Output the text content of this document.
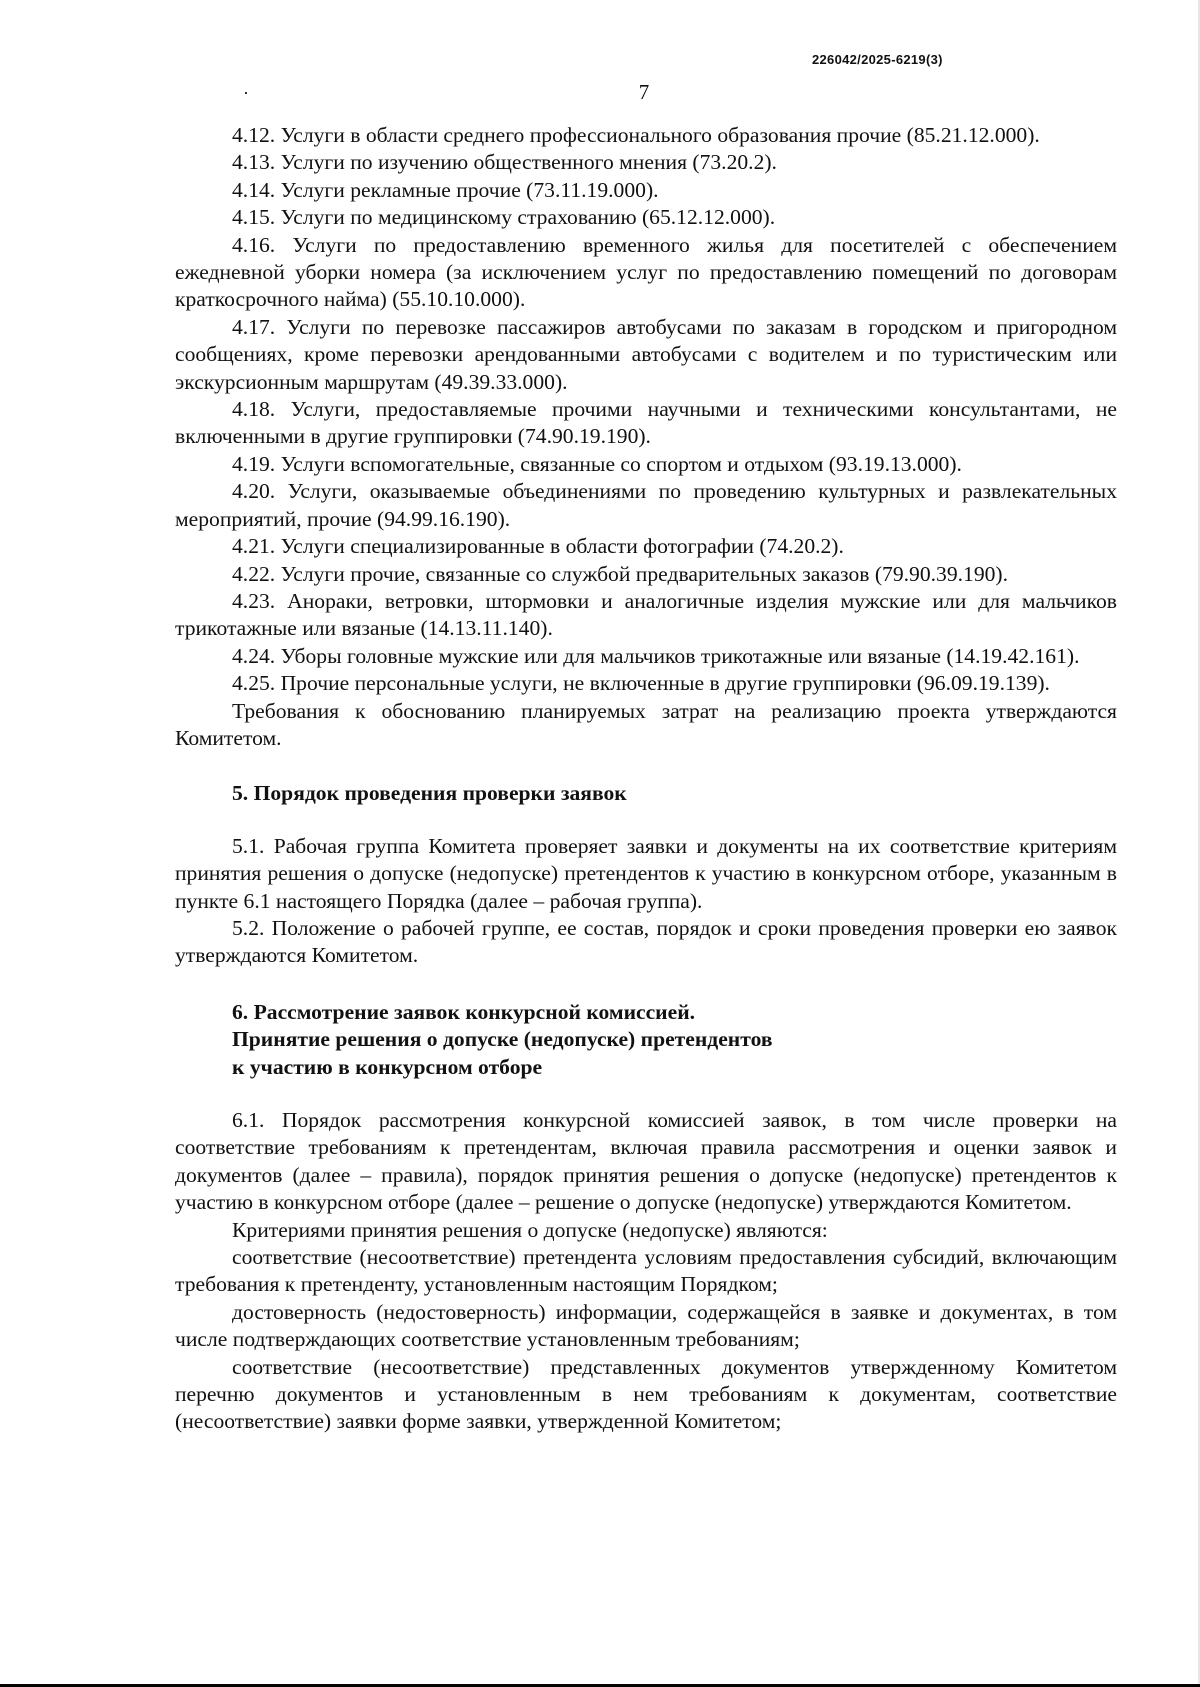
226042/2025-6219(3)
7

4.12. Услуги в области среднего профессионального образования прочие (85.21.12.000).

4.13. Услуги по изучению общественного мнения (73.20.2).

4.14. Услуги рекламные прочие (73.11.19.000).

4.15. Услуги по медицинскому страхованию (65.12.12.000).

4.16. Услуги по предоставлению временного жилья для посетителей с обеспечением ежедневной уборки номера (за исключением услуг по предоставлению помещений по договорам краткосрочного найма) (55.10.10.000).

4.17. Услуги по перевозке пассажиров автобусами по заказам в городском и пригородном сообщениях, кроме перевозки арендованными автобусами с водителем и по туристическим или экскурсионным маршрутам (49.39.33.000).

4.18. Услуги, предоставляемые прочими научными и техническими консультантами, не включенными в другие группировки (74.90.19.190).

4.19. Услуги вспомогательные, связанные со спортом и отдыхом (93.19.13.000).

4.20. Услуги, оказываемые объединениями по проведению культурных и развлекательных мероприятий, прочие (94.99.16.190).

4.21. Услуги специализированные в области фотографии (74.20.2).

4.22. Услуги прочие, связанные со службой предварительных заказов (79.90.39.190).

4.23. Анораки, ветровки, штормовки и аналогичные изделия мужские или для мальчиков трикотажные или вязаные (14.13.11.140).

4.24. Уборы головные мужские или для мальчиков трикотажные или вязаные (14.19.42.161).

4.25. Прочие персональные услуги, не включенные в другие группировки (96.09.19.139).

Требования к обоснованию планируемых затрат на реализацию проекта утверждаются Комитетом.

5. Порядок проведения проверки заявок

5.1. Рабочая группа Комитета проверяет заявки и документы на их соответствие критериям принятия решения о допуске (недопуске) претендентов к участию в конкурсном отборе, указанным в пункте 6.1 настоящего Порядка (далее – рабочая группа).

5.2. Положение о рабочей группе, ее состав, порядок и сроки проведения проверки ею заявок утверждаются Комитетом.

6. Рассмотрение заявок конкурсной комиссией.

Принятие решения о допуске (недопуске) претендентов

к участию в конкурсном отборе

6.1. Порядок рассмотрения конкурсной комиссией заявок, в том числе проверки на соответствие требованиям к претендентам, включая правила рассмотрения и оценки заявок и документов (далее – правила), порядок принятия решения о допуске (недопуске) претендентов к участию в конкурсном отборе (далее – решение о допуске (недопуске) утверждаются Комитетом.

Критериями принятия решения о допуске (недопуске) являются:

соответствие (несоответствие) претендента условиям предоставления субсидий, включающим требования к претенденту, установленным настоящим Порядком;

достоверность (недостоверность) информации, содержащейся в заявке и документах, в том числе подтверждающих соответствие установленным требованиям;

соответствие (несоответствие) представленных документов утвержденному Комитетом перечню документов и установленным в нем требованиям к документам, соответствие (несоответствие) заявки форме заявки, утвержденной Комитетом;
